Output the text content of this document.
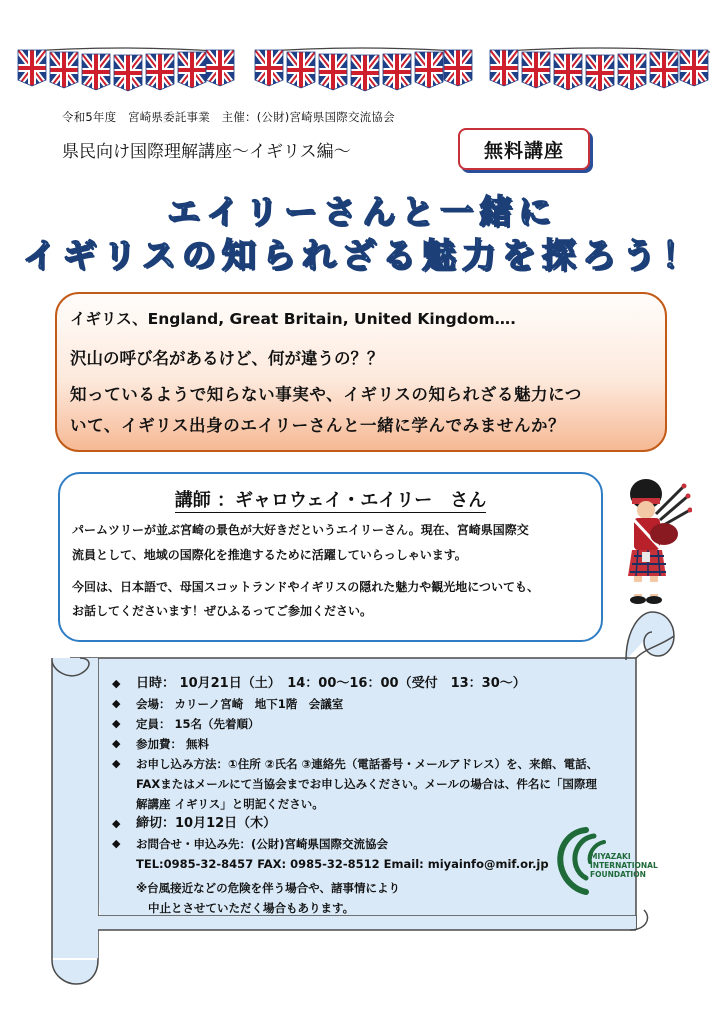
令和5年度　宮崎県委託事業　主催：(公財)宮崎県国際交流協会
県民向け国際理解講座～イギリス編～	無料講座
エイリーさんと一緒に
イギリスの知られざる魅力を探ろう！
イギリス、England, Great Britain, United Kingdom….
沢山の呼び名があるけど、何が違うの？？
知っているようで知らない事実や、イギリスの知られざる魅力につ
いて、イギリス出身のエイリーさんと一緒に学んでみませんか？
講師 ：ギャロウェイ・エイリー　さん
パームツリーが並ぶ宮崎の景色が大好きだというエイリーさん。現在、宮崎県国際交
流員として、地域の国際化を推進するために活躍していらっしゃいます。
今回は、日本語で、母国スコットランドやイギリスの隠れた魅力や観光地についても、
お話してくださいます！ぜひふるってご参加ください。
◆ 日時： 10月21日（土）　14：00～16：00（受付　13：30～）
◆ 会場： カリーノ宮崎　地下1階　会議室
◆ 定員： 15名（先着順）
◆ 参加費： 無料
◆ お申し込み方法：①住所 ②氏名 ③連絡先（電話番号・メールアドレス）を、来館、電話、
FAXまたはメールにて当協会までお申し込みください。メールの場合は、件名に「国際理
解講座 イギリス」と明記ください。
◆ 締切：10月12日（木）
◆ お問合せ・申込み先：(公財)宮崎県国際交流協会
TEL:0985-32-8457 FAX: 0985-32-8512 Email: miyainfo@mif.or.jp
※台風接近などの危険を伴う場合や、諸事情により
中止とさせていただく場合もあります。
MIYAZAKI
INTERNATIONAL
FOUNDATION
